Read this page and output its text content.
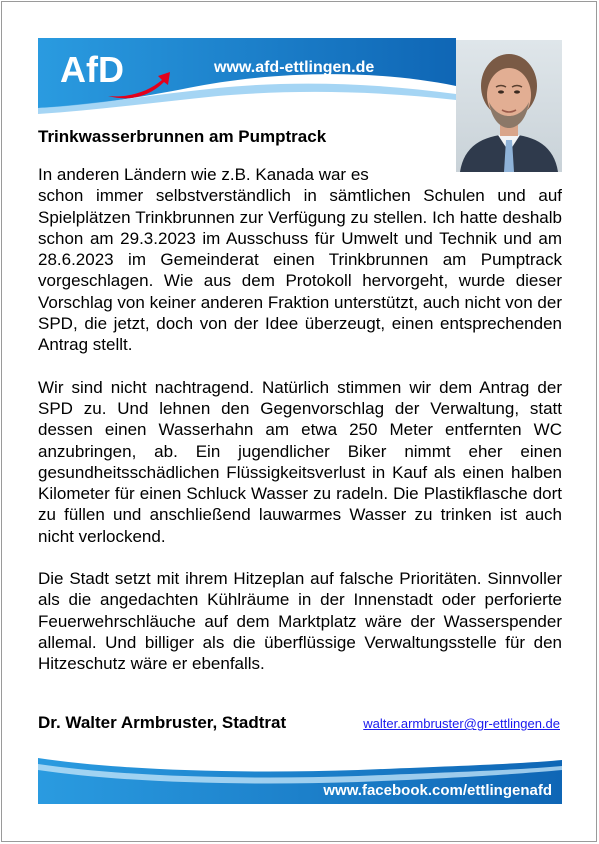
AfD	www.afd-ettlingen.de
Trinkwasserbrunnen am Pumptrack
In anderen Ländern wie z.B. Kanada war es
schon immer selbstverständlich in sämtlichen Schulen und auf Spielplätzen Trinkbrunnen zur Verfügung zu stellen. Ich hatte deshalb schon am 29.3.2023 im Ausschuss für Umwelt und Technik und am 28.6.2023 im Gemeinderat einen Trinkbrunnen am Pumptrack vorgeschlagen. Wie aus dem Protokoll hervorgeht, wurde dieser Vorschlag von keiner anderen Fraktion unterstützt, auch nicht von der SPD, die jetzt, doch von der Idee überzeugt, einen entsprechenden Antrag stellt.
Wir sind nicht nachtragend. Natürlich stimmen wir dem Antrag der SPD zu. Und lehnen den Gegenvorschlag der Verwaltung, statt dessen einen Wasserhahn am etwa 250 Meter entfernten WC anzubringen, ab. Ein jugendlicher Biker nimmt eher einen gesundheitsschädlichen Flüssigkeitsverlust in Kauf als einen halben Kilometer für einen Schluck Wasser zu radeln. Die Plastikflasche dort zu füllen und anschließend lauwarmes Wasser zu trinken ist auch nicht verlockend.
Die Stadt setzt mit ihrem Hitzeplan auf falsche Prioritäten. Sinnvoller als die angedachten Kühlräume in der Innenstadt oder perforierte Feuerwehrschläuche auf dem Marktplatz wäre der Wasserspender allemal. Und billiger als die überflüssige Verwaltungsstelle für den Hitzeschutz wäre er ebenfalls.
Dr. Walter Armbruster, Stadtrat	walter.armbruster@gr-ettlingen.de
www.facebook.com/ettlingenafd
